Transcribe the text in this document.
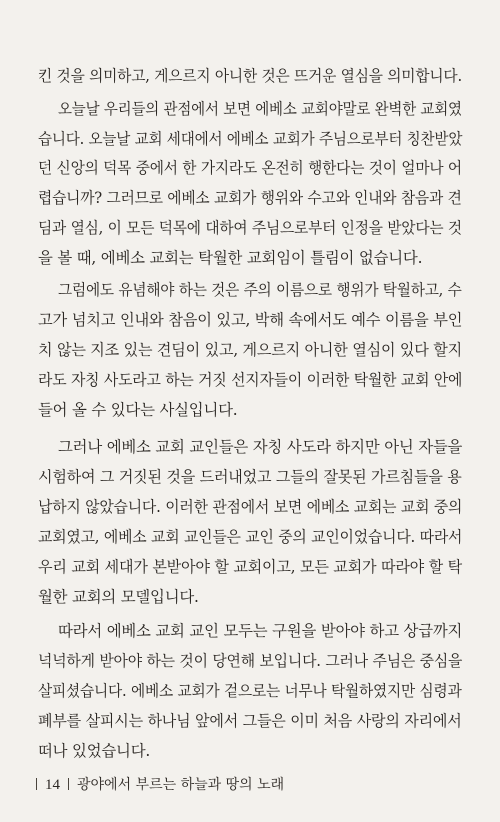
킨 것을 의미하고, 게으르지 아니한 것은 뜨거운 열심을 의미합니다.
오늘날 우리들의 관점에서 보면 에베소 교회야말로 완벽한 교회였
습니다. 오늘날 교회 세대에서 에베소 교회가 주님으로부터 칭찬받았
던 신앙의 덕목 중에서 한 가지라도 온전히 행한다는 것이 얼마나 어
렵습니까? 그러므로 에베소 교회가 행위와 수고와 인내와 참음과 견
딤과 열심, 이 모든 덕목에 대하여 주님으로부터 인정을 받았다는 것
을 볼 때, 에베소 교회는 탁월한 교회임이 틀림이 없습니다.
그럼에도 유념해야 하는 것은 주의 이름으로 행위가 탁월하고, 수
고가 넘치고 인내와 참음이 있고, 박해 속에서도 예수 이름을 부인
치 않는 지조 있는 견딤이 있고, 게으르지 아니한 열심이 있다 할지
라도 자칭 사도라고 하는 거짓 선지자들이 이러한 탁월한 교회 안에
들어 올 수 있다는 사실입니다.
그러나 에베소 교회 교인들은 자칭 사도라 하지만 아닌 자들을
시험하여 그 거짓된 것을 드러내었고 그들의 잘못된 가르침들을 용
납하지 않았습니다. 이러한 관점에서 보면 에베소 교회는 교회 중의
교회였고, 에베소 교회 교인들은 교인 중의 교인이었습니다. 따라서
우리 교회 세대가 본받아야 할 교회이고, 모든 교회가 따라야 할 탁
월한 교회의 모델입니다.
따라서 에베소 교회 교인 모두는 구원을 받아야 하고 상급까지
넉넉하게 받아야 하는 것이 당연해 보입니다. 그러나 주님은 중심을
살피셨습니다. 에베소 교회가 겉으로는 너무나 탁월하였지만 심령과
폐부를 살피시는 하나님 앞에서 그들은 이미 처음 사랑의 자리에서
떠나 있었습니다.
14 광야에서 부르는 하늘과 땅의 노래
